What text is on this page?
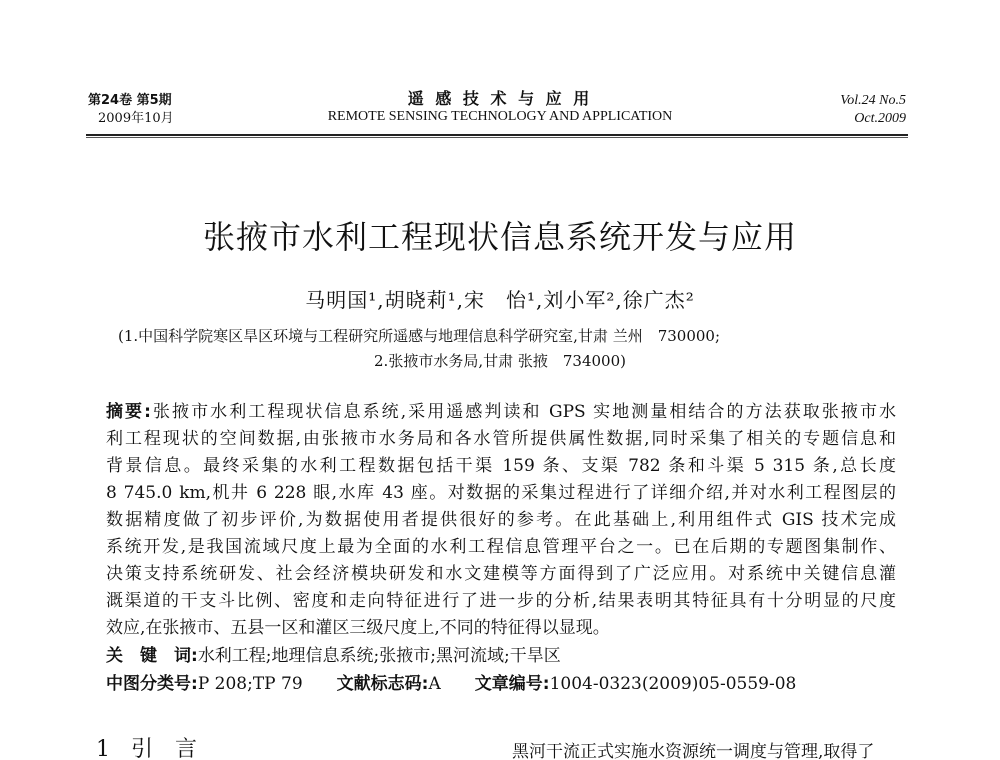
第24卷 第5期
2009年10月
遥 感 技 术 与 应 用
REMOTE SENSING TECHNOLOGY AND APPLICATION
Vol.24 No.5
Oct.2009
张掖市水利工程现状信息系统开发与应用
马明国¹,胡晓莉¹,宋　怡¹,刘小军²,徐广杰²
(1.中国科学院寒区旱区环境与工程研究所遥感与地理信息科学研究室,甘肃 兰州　730000;
2.张掖市水务局,甘肃 张掖　734000)
摘要:张掖市水利工程现状信息系统,采用遥感判读和 GPS 实地测量相结合的方法获取张掖市水
利工程现状的空间数据,由张掖市水务局和各水管所提供属性数据,同时采集了相关的专题信息和
背景信息。最终采集的水利工程数据包括干渠 159 条、支渠 782 条和斗渠 5 315 条,总长度
8 745.0 km,机井 6 228 眼,水库 43 座。对数据的采集过程进行了详细介绍,并对水利工程图层的
数据精度做了初步评价,为数据使用者提供很好的参考。在此基础上,利用组件式 GIS 技术完成
系统开发,是我国流域尺度上最为全面的水利工程信息管理平台之一。已在后期的专题图集制作、
决策支持系统研发、社会经济模块研发和水文建模等方面得到了广泛应用。对系统中关键信息灌
溉渠道的干支斗比例、密度和走向特征进行了进一步的分析,结果表明其特征具有十分明显的尺度
效应,在张掖市、五县一区和灌区三级尺度上,不同的特征得以显现。
关　键　词:水利工程;地理信息系统;张掖市;黑河流域;干旱区
中图分类号:P 208;TP 79 文献标志码:A 文章编号:1004-0323(2009)05-0559-08
1 引　言	黑河干流正式实施水资源统一调度与管理,取得了
